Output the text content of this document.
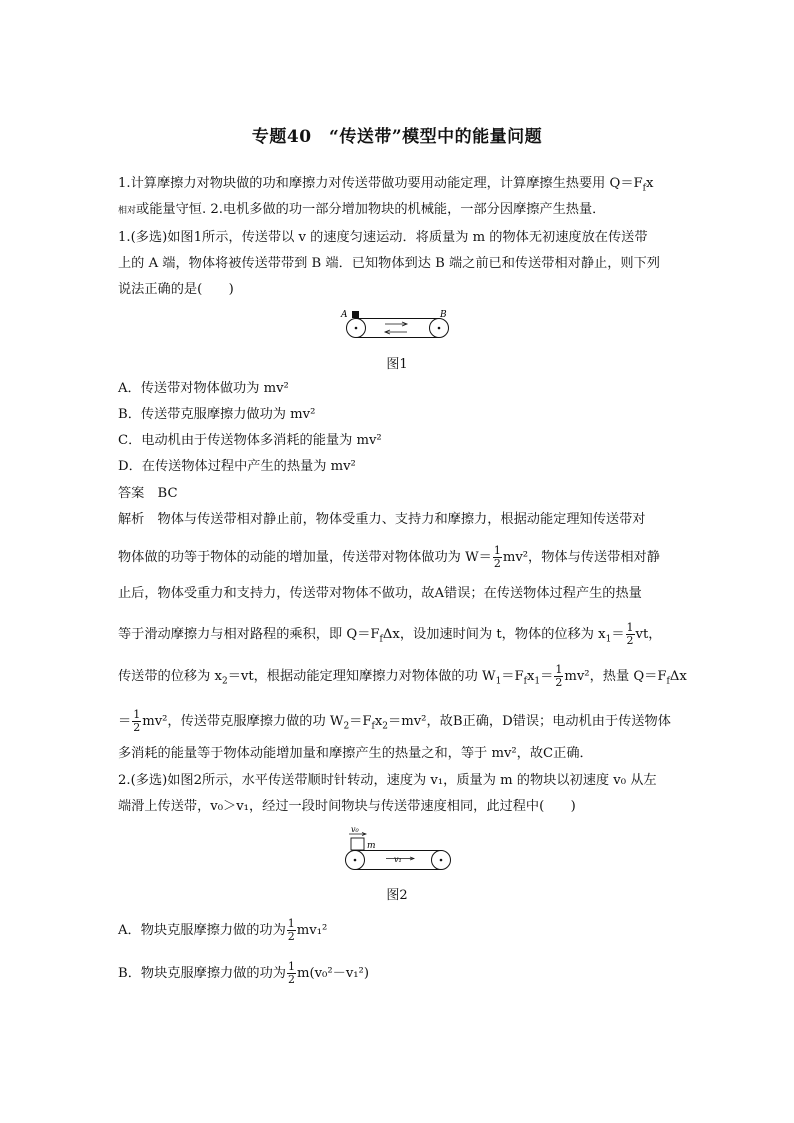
专题40　“传送带”模型中的能量问题
1.计算摩擦力对物块做的功和摩擦力对传送带做功要用动能定理，计算摩擦生热要用 $Q=F_fx$
相对或能量守恒. 2.电机多做的功一部分增加物块的机械能，一部分因摩擦产生热量．
1.(多选)如图1所示，传送带以 v 的速度匀速运动．将质量为 m 的物体无初速度放在传送带
上的 A 端，物体将被传送带带到 B 端．已知物体到达 B 端之前已和传送带相对静止，则下列
说法正确的是(　　)
A	B
图1
A．传送带对物体做功为 mv²
B．传送带克服摩擦力做功为 mv²
C．电动机由于传送物体多消耗的能量为 mv²
D．在传送物体过程中产生的热量为 mv²
答案　BC
解析　物体与传送带相对静止前，物体受重力、支持力和摩擦力，根据动能定理知传送带对
物体做的功等于物体的动能的增加量，传送带对物体做功为 $W= \frac{1}{2} mv^2$，物体与传送带相对静
止后，物体受重力和支持力，传送带对物体不做功，故A错误；在传送物体过程产生的热量
等于滑动摩擦力与相对路程的乘积，即 $Q=F_f\Delta x$，设加速时间为 t，物体的位移为 $x_1= \frac{1}{2}$ vt，
传送带的位移为 $x_2=vt$，根据动能定理知摩擦力对物体做的功 $W_1=F_fx_1= \frac{1}{2} mv^2$，热量 $Q=F_f\Delta x$
＝ $\frac{1}{2} mv^2$，传送带克服摩擦力做的功 $W_2=F_fx_2=mv^2$，故B正确，D错误；电动机由于传送物体
多消耗的能量等于物体动能增加量和摩擦产生的热量之和，等于 mv²，故C正确．
2.(多选)如图2所示，水平传送带顺时针转动，速度为 v₁，质量为 m 的物块以初速度 v₀ 从左
端滑上传送带，v₀＞v₁，经过一段时间物块与传送带速度相同，此过程中(　　)
v₀
m
v₁
图2
A．物块克服摩擦力做的功为 $\frac{1}{2} mv_1^2$
B．物块克服摩擦力做的功为 $\frac{1}{2} m(v_0^2-v_1^2)$
